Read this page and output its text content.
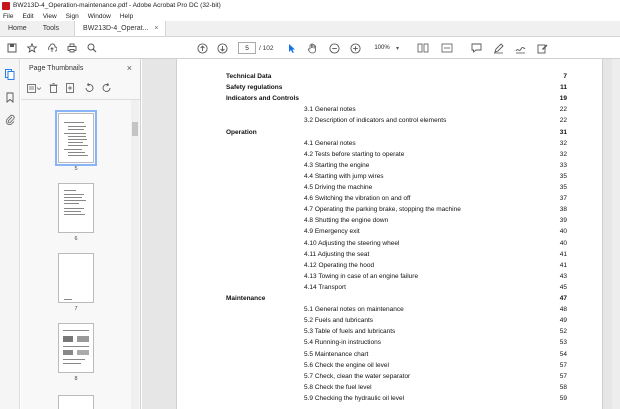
BW213D-4_Operation-maintenance.pdf - Adobe Acrobat Pro DC (32-bit)
File Edit View Sign Window Help
Home	Tools	BW213D-4_Operat... ×
5	/ 102	100%	▾
Page Thumbnails	×
5
6
7
8
Technical Data	7
Safety regulations	11
Indicators and Controls	19
3.1 General notes	22
3.2 Description of indicators and control elements	22
Operation	31
4.1 General notes	32
4.2 Tests before starting to operate	32
4.3 Starting the engine	33
4.4 Starting with jump wires	35
4.5 Driving the machine	35
4.6 Switching the vibration on and off	37
4.7 Operating the parking brake, stopping the machine	38
4.8 Shutting the engine down	39
4.9 Emergency exit	40
4.10 Adjusting the steering wheel	40
4.11 Adjusting the seat	41
4.12 Operating the hood	41
4.13 Towing in case of an engine failure	43
4.14 Transport	45
Maintenance	47
5.1 General notes on maintenance	48
5.2 Fuels and lubricants	49
5.3 Table of fuels and lubricants	52
5.4 Running-in instructions	53
5.5 Maintenance chart	54
5.6 Check the engine oil level	57
5.7 Check, clean the water separator	57
5.8 Check the fuel level	58
5.9 Checking the hydraulic oil level	59
